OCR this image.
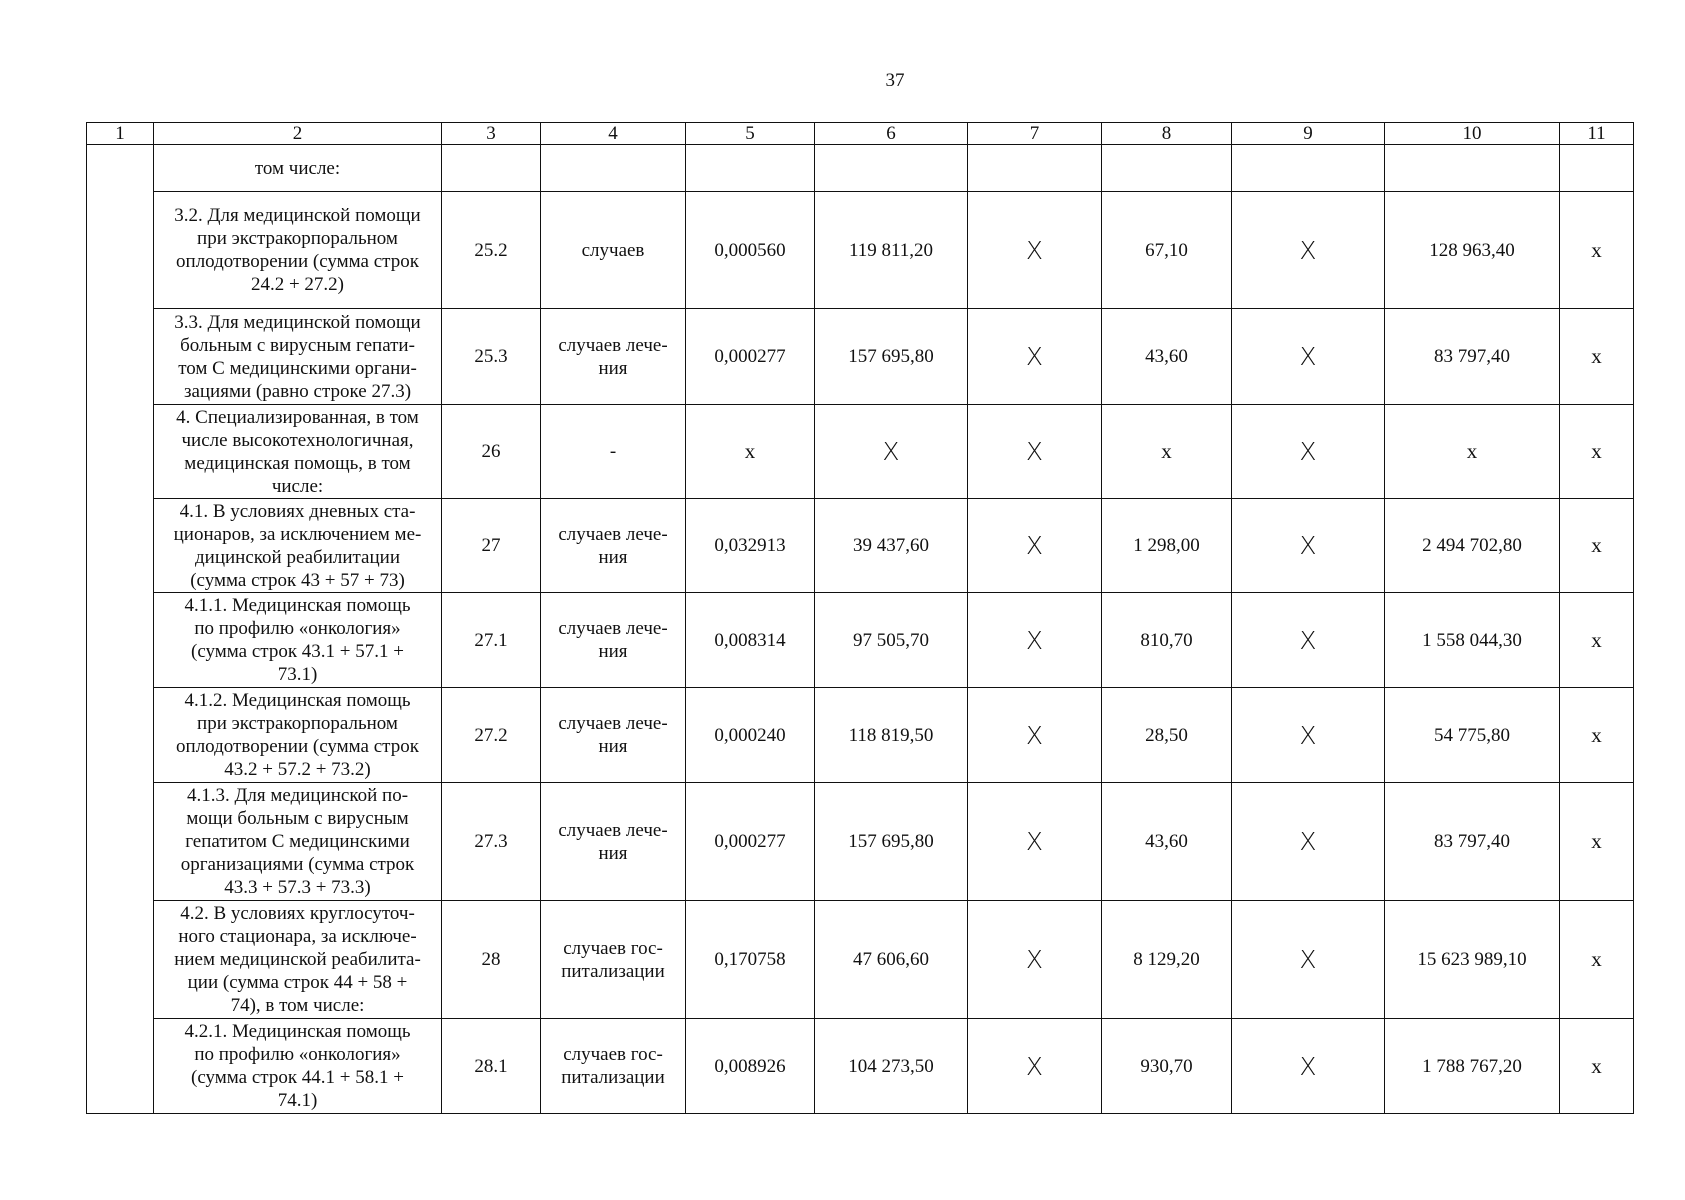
37
1	2	3	4	5	6	7	8	9	10	11
	том числе:									
	3.2. Для медицинской помощи
при экстракорпоральном
оплодотворении (сумма строк
24.2 + 27.2)	25.2	случаев	0,000560	119 811,20	X	67,10	X	128 963,40	x
	3.3. Для медицинской помощи
больным с вирусным гепати-
том С медицинскими органи-
зациями (равно строке 27.3)	25.3	случаев лече-
ния	0,000277	157 695,80	X	43,60	X	83 797,40	x
	4. Специализированная, в том
числе высокотехнологичная,
медицинская помощь, в том
числе:	26	-	x	X	X	x	X	x	x
	4.1. В условиях дневных ста-
ционаров, за исключением ме-
дицинской реабилитации
(сумма строк 43 + 57 + 73)	27	случаев лече-
ния	0,032913	39 437,60	X	1 298,00	X	2 494 702,80	x
	4.1.1. Медицинская помощь
по профилю «онкология»
(сумма строк 43.1 + 57.1 +
73.1)	27.1	случаев лече-
ния	0,008314	97 505,70	X	810,70	X	1 558 044,30	x
	4.1.2. Медицинская помощь
при экстракорпоральном
оплодотворении (сумма строк
43.2 + 57.2 + 73.2)	27.2	случаев лече-
ния	0,000240	118 819,50	X	28,50	X	54 775,80	x
	4.1.3. Для медицинской по-
мощи больным с вирусным
гепатитом С медицинскими
организациями (сумма строк
43.3 + 57.3 + 73.3)	27.3	случаев лече-
ния	0,000277	157 695,80	X	43,60	X	83 797,40	x
	4.2. В условиях круглосуточ-
ного стационара, за исключе-
нием медицинской реабилита-
ции (сумма строк 44 + 58 +
74), в том числе:	28	случаев гос-
питализации	0,170758	47 606,60	X	8 129,20	X	15 623 989,10	x
	4.2.1. Медицинская помощь
по профилю «онкология»
(сумма строк 44.1 + 58.1 +
74.1)	28.1	случаев гос-
питализации	0,008926	104 273,50	X	930,70	X	1 788 767,20	x
